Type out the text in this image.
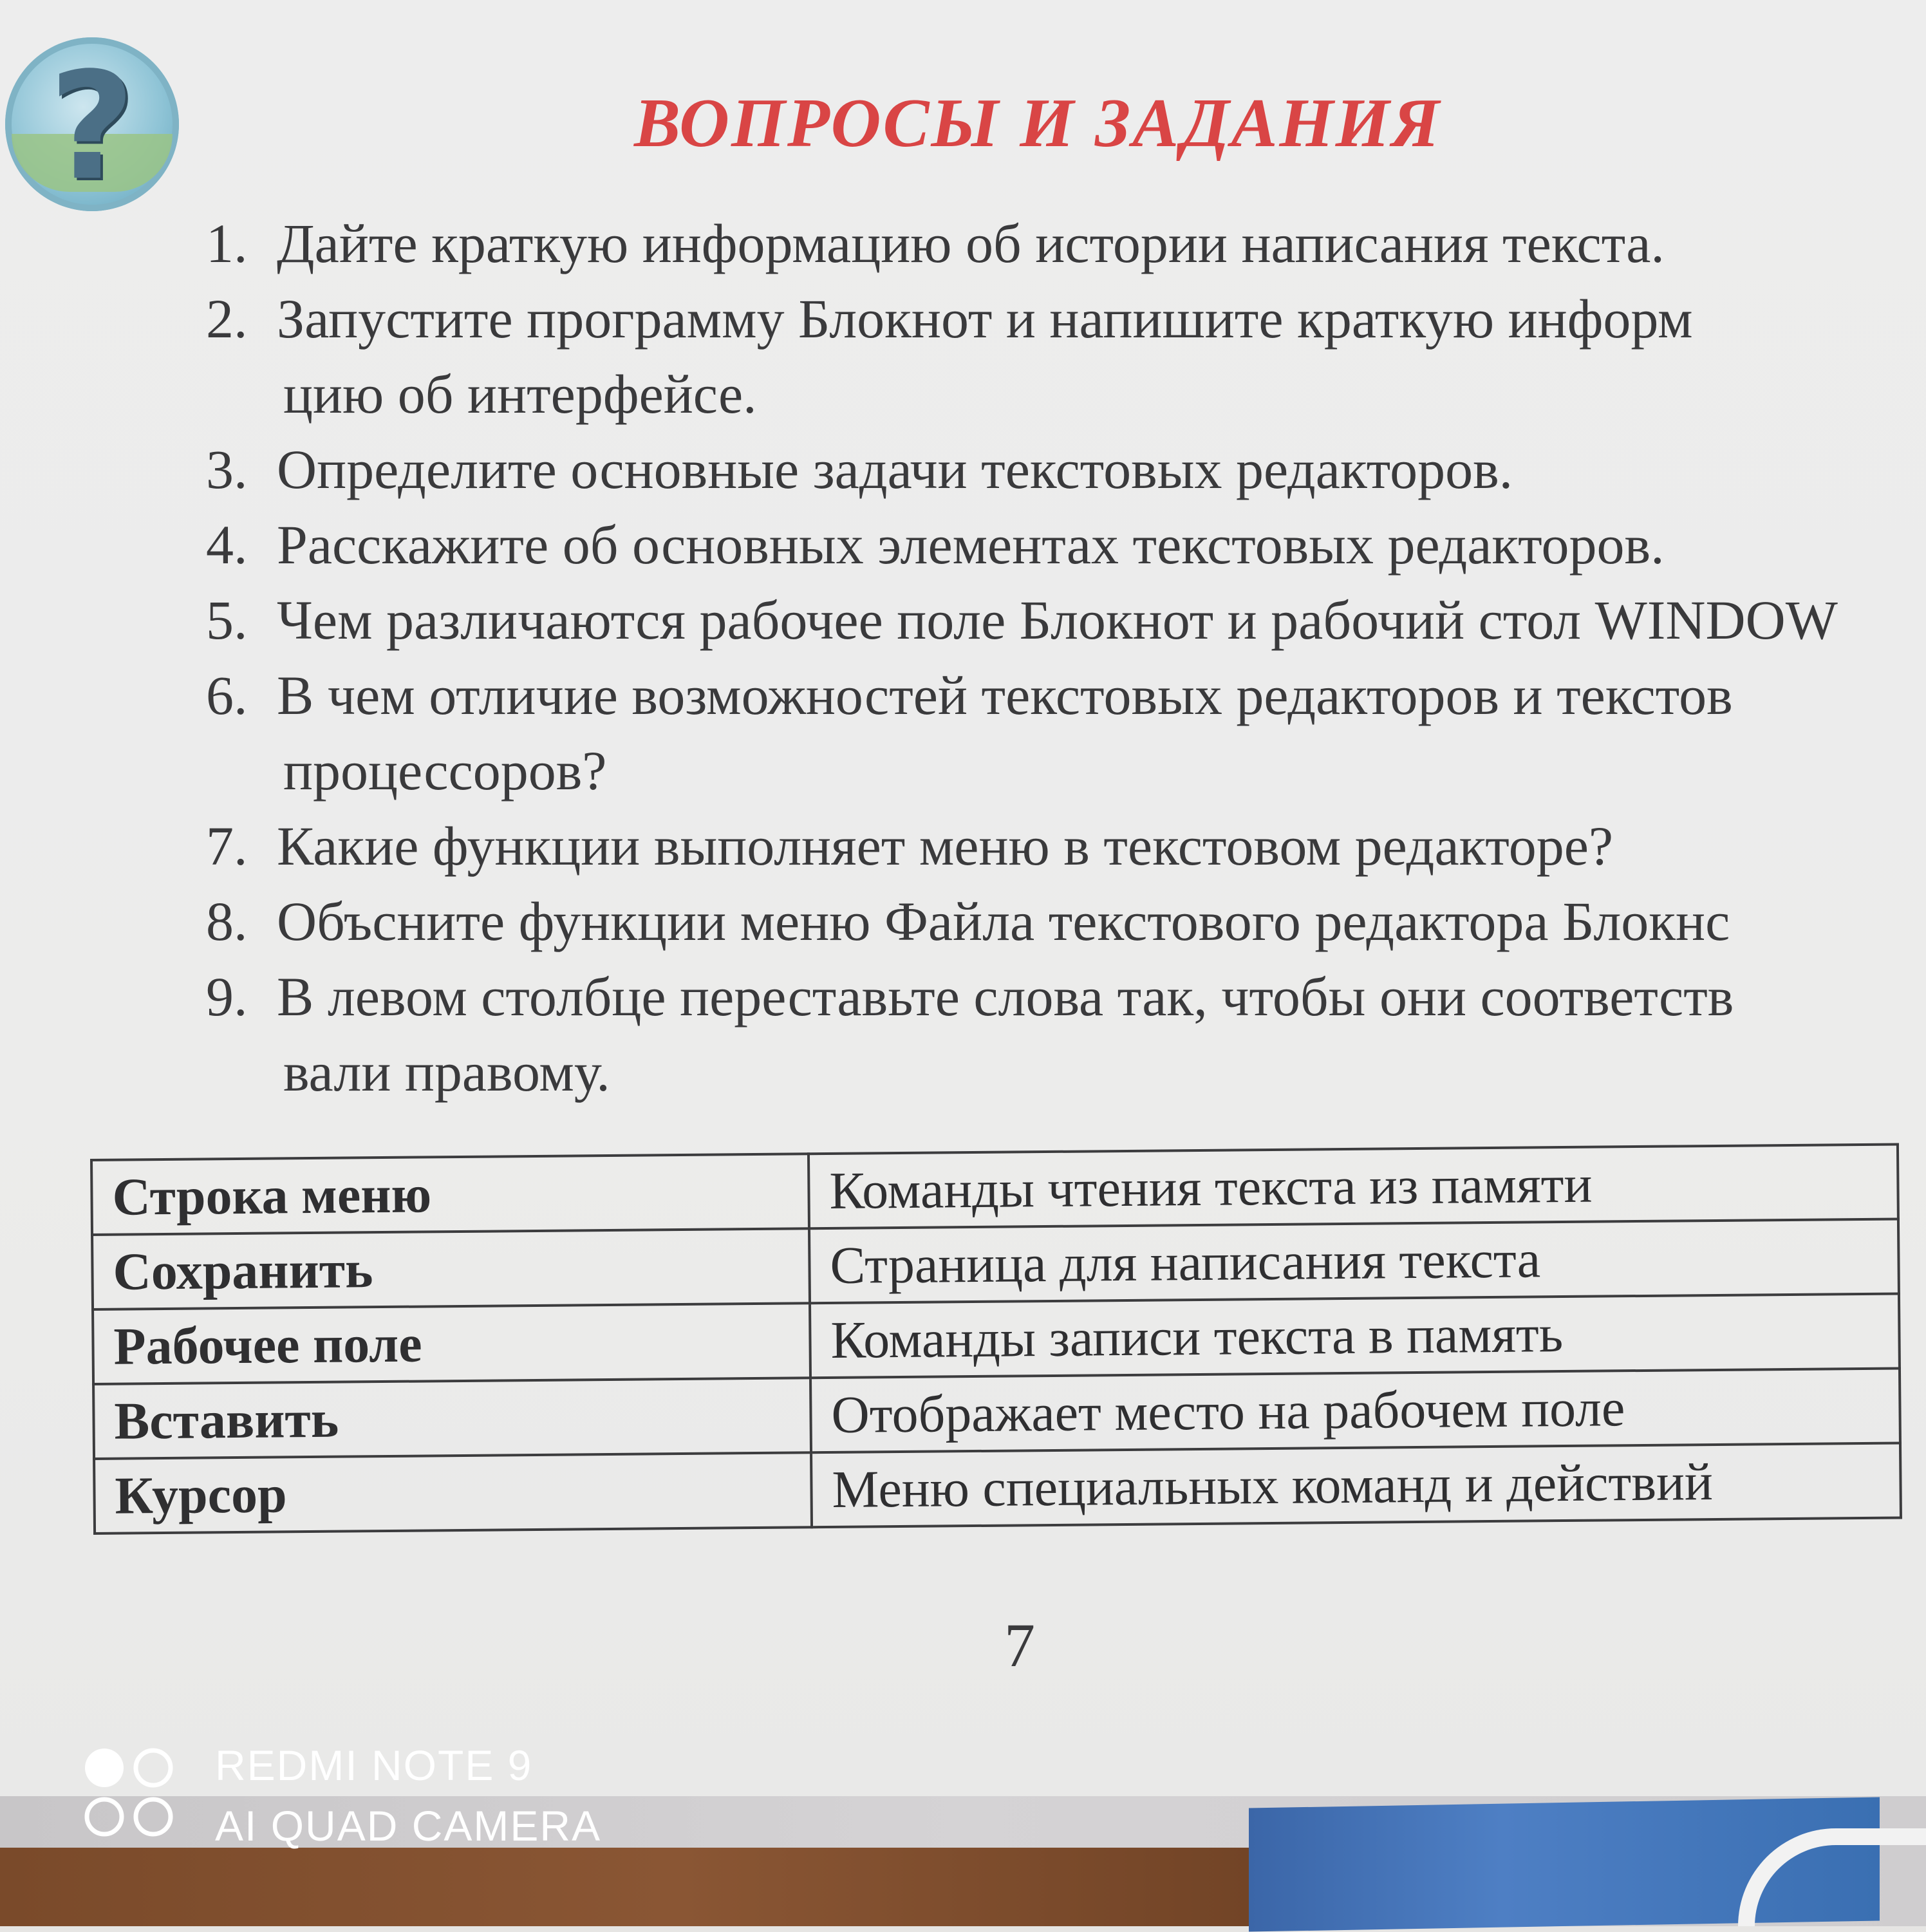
?	ВОПРОСЫ И ЗАДАНИЯ
1. Дайте краткую информацию об истории написания текста.
2. Запустите программу Блокнот и напишите краткую информ
цию об интерфейсе.
3. Определите основные задачи текстовых редакторов.
4. Расскажите об основных элементах текстовых редакторов.
5. Чем различаются рабочее поле Блокнот и рабочий стол WINDOW
6. В чем отличие возможностей текстовых редакторов и текстов
процессоров?
7. Какие функции выполняет меню в текстовом редакторе?
8. Объсните функции меню Файла текстового редактора Блокнс
9. В левом столбце переставьте слова так, чтобы они соответств
вали правому.
Строка меню	Команды чтения текста из памяти
Сохранить	Страница для написания текста
Рабочее поле	Команды записи текста в память
Вставить	Отображает место на рабочем поле
Курсор	Меню специальных команд и действий
7
REDMI NOTE 9
AI QUAD CAMERA
